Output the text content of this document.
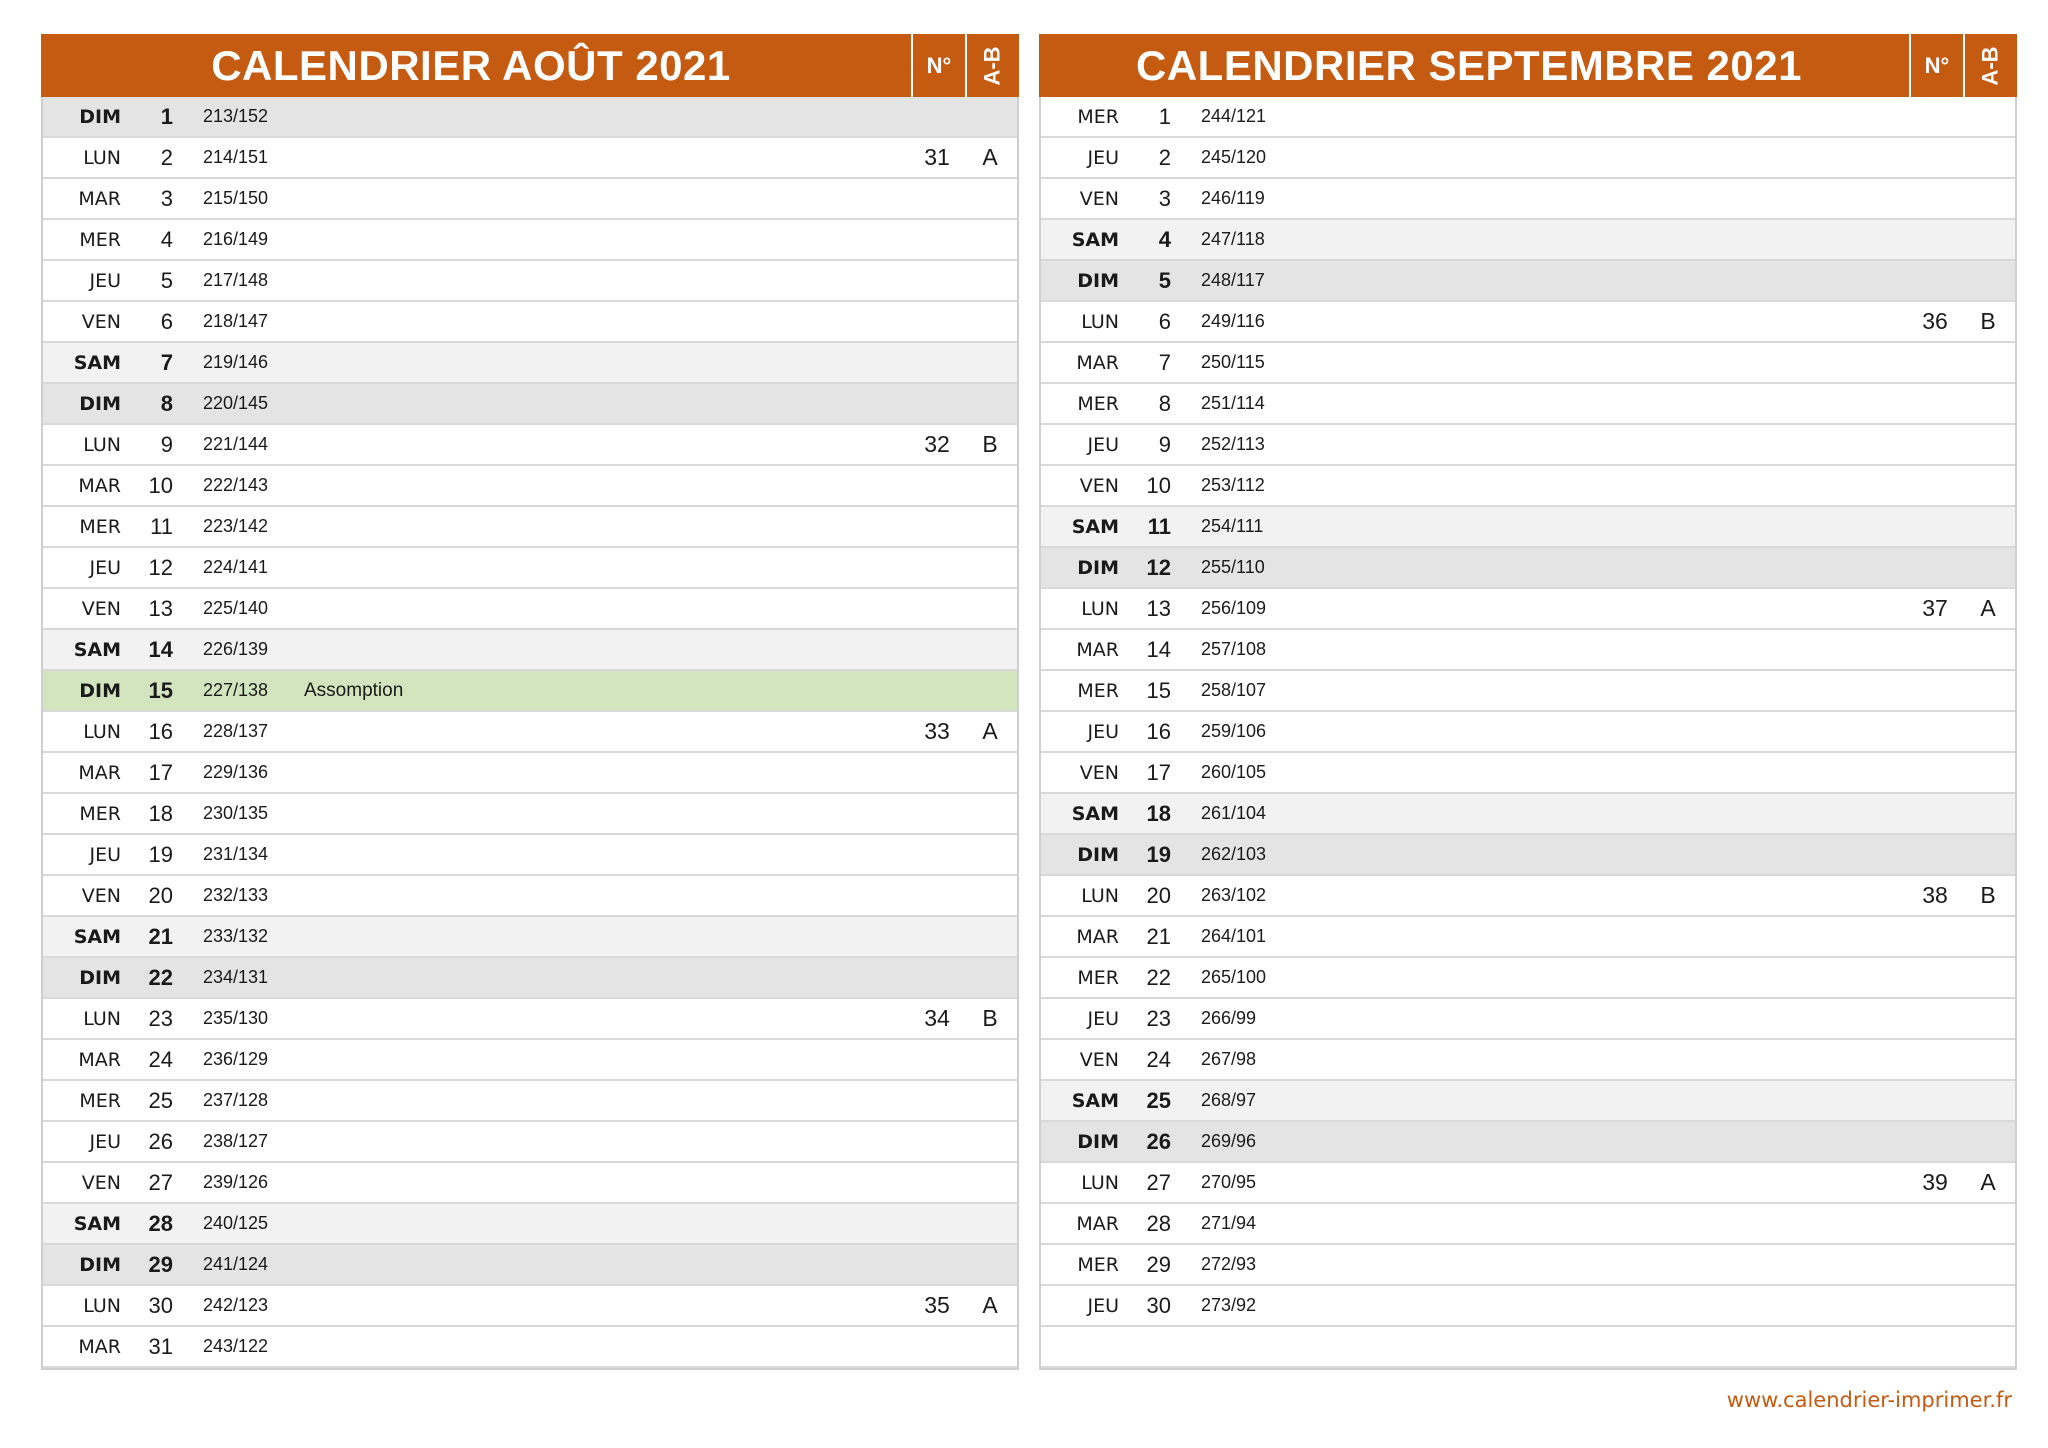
CALENDRIER AOÛT 2021	N°	A-B
DIM	1	213/152
LUN	2	214/151	31	A
MAR	3	215/150
MER	4	216/149
JEU	5	217/148
VEN	6	218/147
SAM	7	219/146
DIM	8	220/145
LUN	9	221/144	32	B
MAR	10	222/143
MER	11	223/142
JEU	12	224/141
VEN	13	225/140
SAM	14	226/139
DIM	15	227/138	Assomption
LUN	16	228/137	33	A
MAR	17	229/136
MER	18	230/135
JEU	19	231/134
VEN	20	232/133
SAM	21	233/132
DIM	22	234/131
LUN	23	235/130	34	B
MAR	24	236/129
MER	25	237/128
JEU	26	238/127
VEN	27	239/126
SAM	28	240/125
DIM	29	241/124
LUN	30	242/123	35	A
MAR	31	243/122
CALENDRIER SEPTEMBRE 2021	N°	A-B
MER	1	244/121
JEU	2	245/120
VEN	3	246/119
SAM	4	247/118
DIM	5	248/117
LUN	6	249/116	36	B
MAR	7	250/115
MER	8	251/114
JEU	9	252/113
VEN	10	253/112
SAM	11	254/111
DIM	12	255/110
LUN	13	256/109	37	A
MAR	14	257/108
MER	15	258/107
JEU	16	259/106
VEN	17	260/105
SAM	18	261/104
DIM	19	262/103
LUN	20	263/102	38	B
MAR	21	264/101
MER	22	265/100
JEU	23	266/99
VEN	24	267/98
SAM	25	268/97
DIM	26	269/96
LUN	27	270/95	39	A
MAR	28	271/94
MER	29	272/93
JEU	30	273/92
www.calendrier-imprimer.fr
